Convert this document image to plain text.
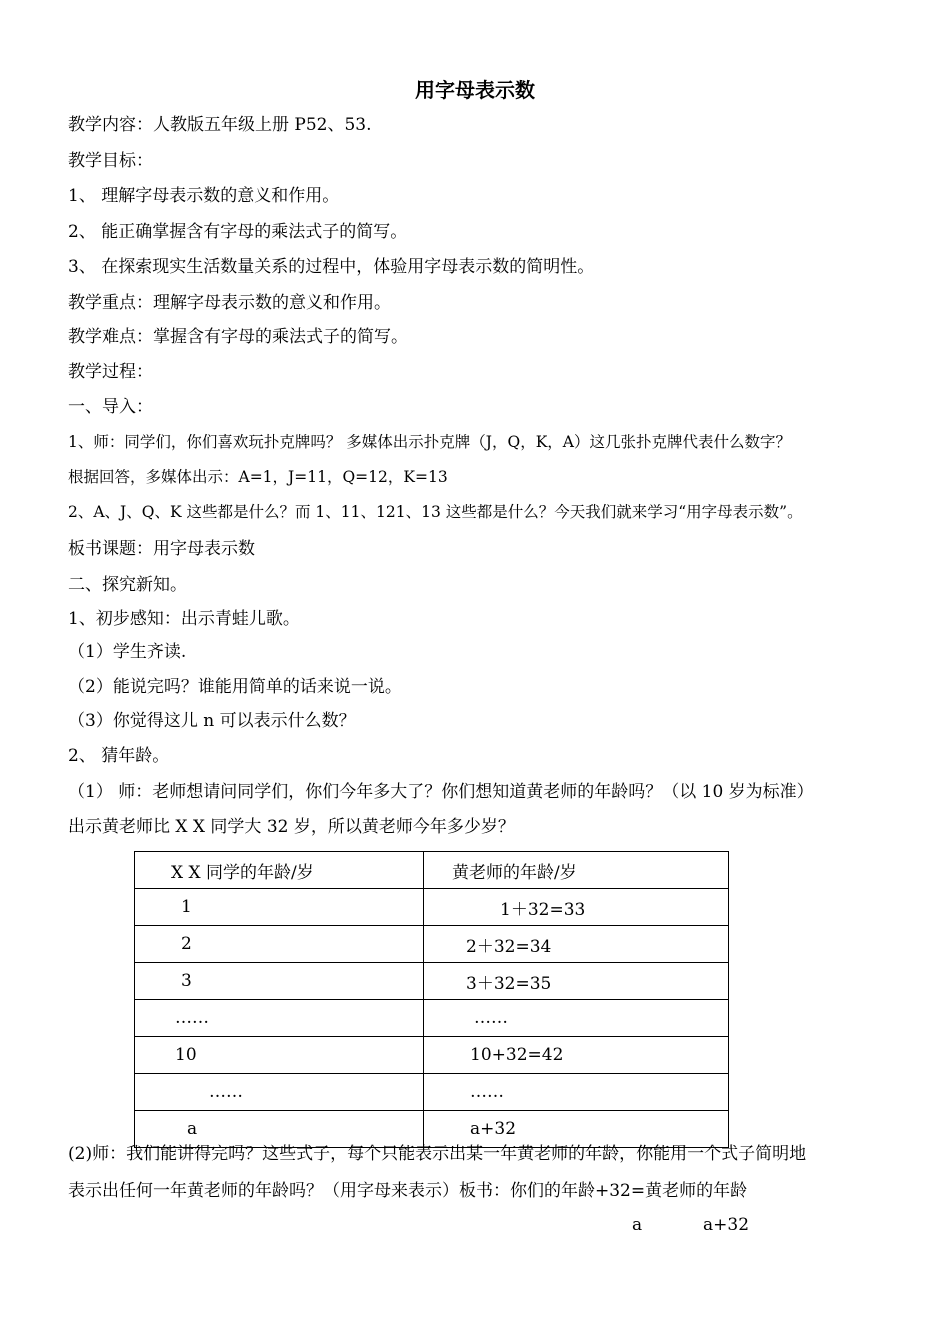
用字母表示数
教学内容：人教版五年级上册 P52、53.
教学目标：
1、 理解字母表示数的意义和作用。
2、 能正确掌握含有字母的乘法式子的简写。
3、 在探索现实生活数量关系的过程中，体验用字母表示数的简明性。
教学重点：理解字母表示数的意义和作用。
教学难点：掌握含有字母的乘法式子的简写。
教学过程：
一、导入：
1、师：同学们，你们喜欢玩扑克牌吗？ 多媒体出示扑克牌（J，Q，K，A）这几张扑克牌代表什么数字？
根据回答，多媒体出示：A=1，J=11，Q=12，K=13
2、A、J、Q、K 这些都是什么？而 1、11、121、13 这些都是什么？今天我们就来学习“用字母表示数”。
板书课题：用字母表示数
二、探究新知。
1、初步感知：出示青蛙儿歌。
（1）学生齐读.
（2）能说完吗？谁能用简单的话来说一说。
（3）你觉得这儿 n 可以表示什么数？
2、 猜年龄。
（1） 师：老师想请问同学们，你们今年多大了？你们想知道黄老师的年龄吗？（以 10 岁为标准）
出示黄老师比 X X 同学大 32 岁，所以黄老师今年多少岁？
X X 同学的年龄/岁	黄老师的年龄/岁
1	1＋32=33
2	2＋32=34
3	3＋32=35
……	……
10	10+32=42
……	……
a	a+32
(2)师：我们能讲得完吗？这些式子，每个只能表示出某一年黄老师的年龄，你能用一个式子简明地
表示出任何一年黄老师的年龄吗？（用字母来表示）板书：你们的年龄+32=黄老师的年龄
a	a+32
